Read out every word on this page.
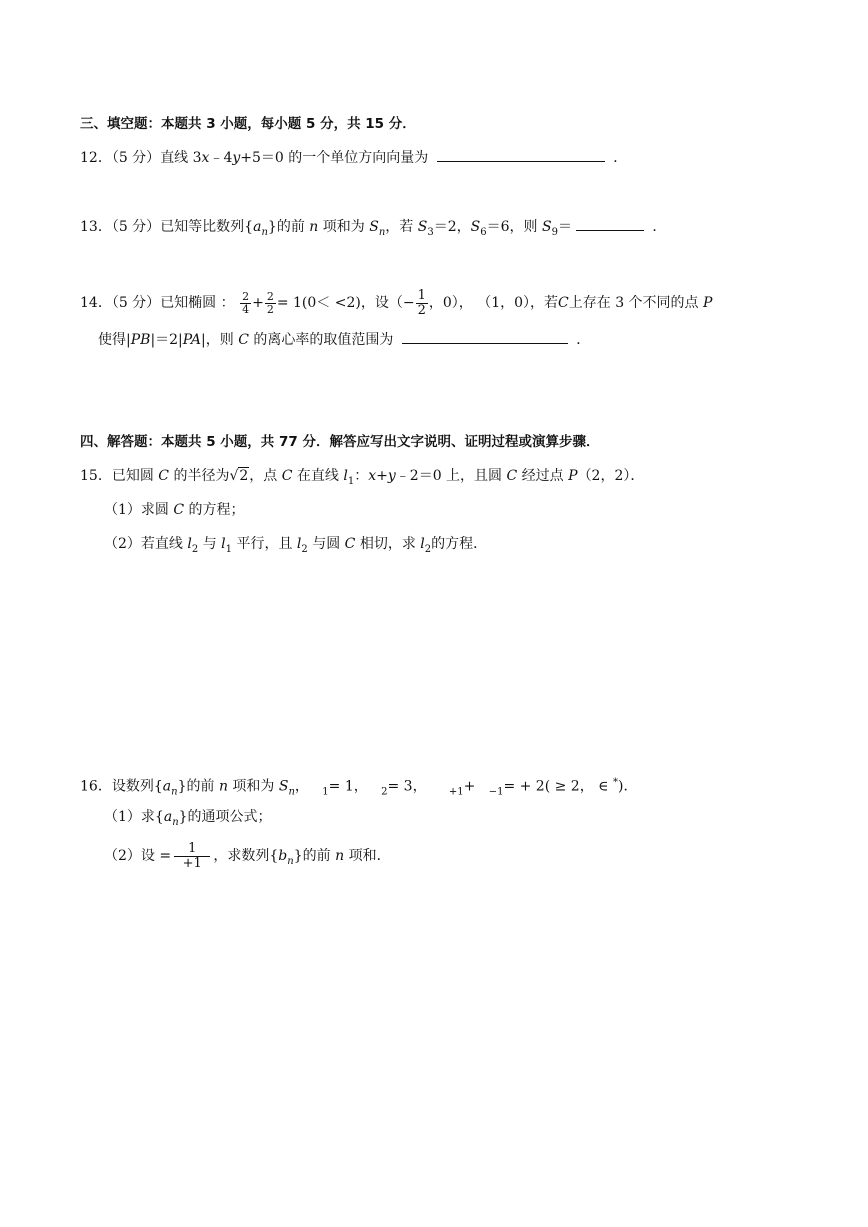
三、填空题：本题共 3 小题，每小题 5 分，共 15 分．
12．（5 分）直线 3x﹣4y+5＝0 的一个单位方向向量为	．
13．（5 分）已知等比数列$\{a_n\}$的前 n 项和为 $S_n$，若 $S_3=2$，$S_6=6$，则 $S_9=$	．
14．（5 分）已知椭圆 ： $\frac{2}{4} + \frac{2}{2} = 1(0< <2)$，设（− $\frac{1}{2}$ ，0）， （1，0），若C上存在 3 个不同的点 P
使得|PB|＝2|PA|，则 C 的离心率的取值范围为	．
四、解答题：本题共 5 小题，共 77 分．解答应写出文字说明、证明过程或演算步骤．
15．已知圆 C 的半径为√2，点 C 在直线 $l_1$：x+y﹣2＝0 上，且圆 C 经过点 P（2，2）．
（1）求圆 C 的方程；
（2）若直线 $l_2$ 与 $l_1$ 平行，且 $l_2$ 与圆 C 相切，求 $l_2$的方程．
16．设数列$\{a_n\}$的前 n 项和为 $S_n$， $_1$= 1， $_2$= 3， $_{+1}$+ $_{-1}$= + 2( ≥ 2， ∈ *)．
（1）求$\{a_n\}$的通项公式；
（2）设 = $\frac{1}{+1}$ ，求数列$\{b_n\}$的前 n 项和．
